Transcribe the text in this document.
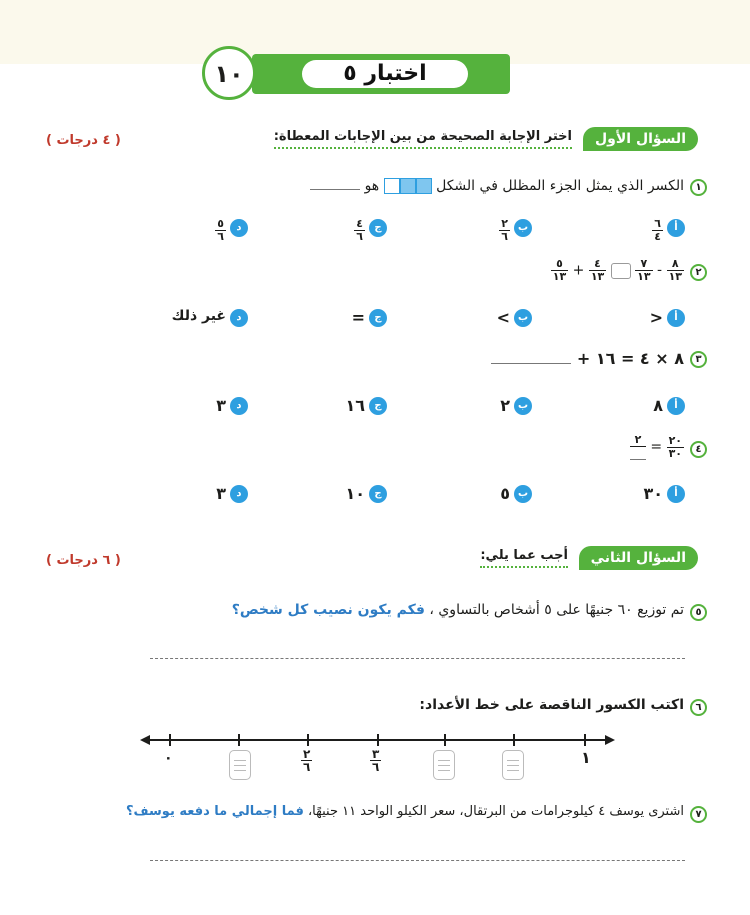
اختبار ٥
١٠
( ٤ درجات )	السؤال الأول
اختر الإجابة الصحيحة من بين الإجابات المعطاة:
١
الكسر الذي يمثل الجزء المظلل في الشكل  هو
أ
$\frac{٦}{٤}$
ب
$\frac{٢}{٦}$
ج
$\frac{٤}{٦}$
د
$\frac{٥}{٦}$
٢
$\frac{٨}{١٣}$
-
$\frac{٧}{١٣}$

$\frac{٤}{١٣}$
+
$\frac{٥}{١٣}$
أ
<
ب
>
ج
=
د
غير ذلك
٣
٨ × ٤ = ١٦ +
أ
٨
ب
٢
ج
١٦
د
٣
٤
$\frac{٢٠}{٣٠}$
=
٢
أ
٣٠
ب
٥
ج
١٠
د
٣
( ٦ درجات )	السؤال الثاني
أجب عما يلي:
٥
تم توزيع ٦٠ جنيهًا على ٥ أشخاص بالتساوي ، فكم يكون نصيب كل شخص؟
٦
اكتب الكسور الناقصة على خط الأعداد:
٠	$\frac{٢}{٦}$	$\frac{٣}{٦}$	١
٧
اشترى يوسف ٤ كيلوجرامات من البرتقال، سعر الكيلو الواحد ١١ جنيهًا، فما إجمالي ما دفعه يوسف؟
